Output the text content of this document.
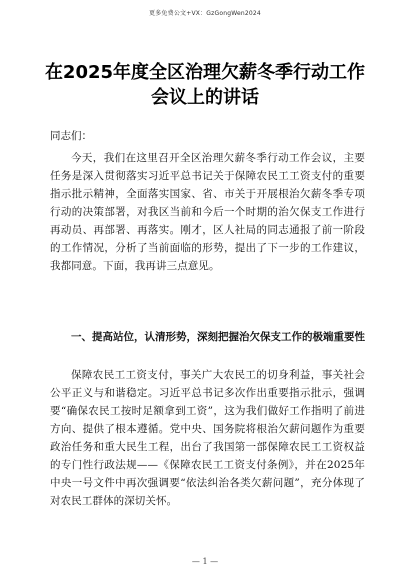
更多免费公文+VX：GzGongWen2024
在2025年度全区治理欠薪冬季行动工作
会议上的讲话
同志们：

今天，我们在这里召开全区治理欠薪冬季行动工作会议，主要任务是深入贯彻落实习近平总书记关于保障农民工工资支付的重要指示批示精神，全面落实国家、省、市关于开展根治欠薪冬季专项行动的决策部署，对我区当前和今后一个时期的治欠保支工作进行再动员、再部署、再落实。刚才，区人社局的同志通报了前一阶段的工作情况，分析了当前面临的形势，提出了下一步的工作建议，我都同意。下面，我再讲三点意见。

一、提高站位，认清形势，深刻把握治欠保支工作的极端重要性

保障农民工工资支付，事关广大农民工的切身利益，事关社会公平正义与和谐稳定。习近平总书记多次作出重要指示批示，强调要“确保农民工按时足额拿到工资”，这为我们做好工作指明了前进方向、提供了根本遵循。党中央、国务院将根治欠薪问题作为重要政治任务和重大民生工程，出台了我国第一部保障农民工工资权益的专门性行政法规——《保障农民工工资支付条例》，并在2025年中央一号文件中再次强调要“依法纠治各类欠薪问题”，充分体现了对农民工群体的深切关怀。

— 1 —
